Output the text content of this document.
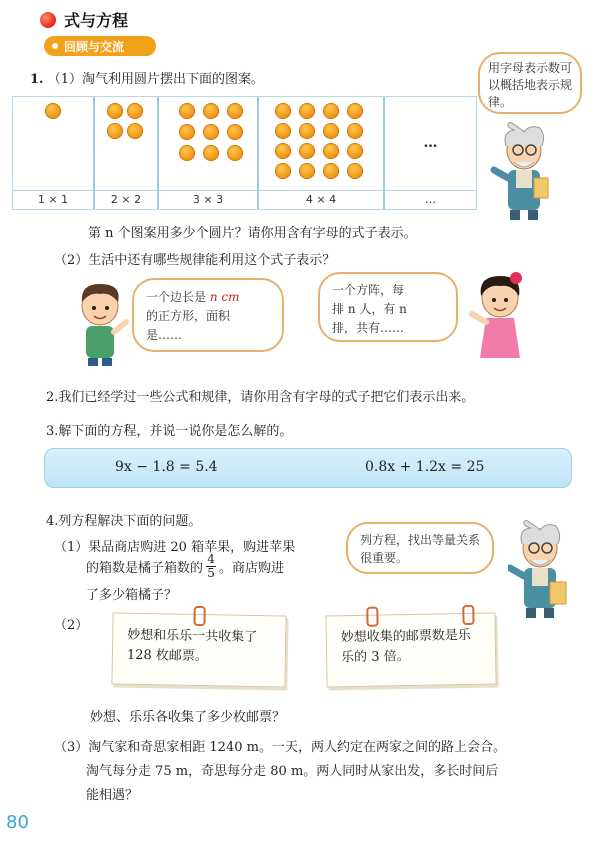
式与方程
回顾与交流
1. （1）淘气利用圆片摆出下面的图案。
1 × 1	2 × 2	3 × 3	4 × 4
…
…
用字母表示数可以概括地表示规律。
第 n 个图案用多少个圆片？请你用含有字母的式子表示。
（2）生活中还有哪些规律能利用这个式子表示？
一个边长是 n cm
的正方形，面积
是……
一个方阵，每
排 n 人，有 n
排，共有……
2.我们已经学过一些公式和规律，请你用含有字母的式子把它们表示出来。
3.解下面的方程，并说一说你是怎么解的。
9x − 1.8 = 5.4	0.8x + 1.2x = 25
4.列方程解决下面的问题。
（1）果品商店购进 20 箱苹果，购进苹果
的箱数是橘子箱数的 $\frac{4}{5}$ 。商店购进
了多少箱橘子？
列方程，找出等量关系很重要。
（2）
妙想和乐乐一共收集了 128 枚邮票。
妙想收集的邮票数是乐乐的 3 倍。
妙想、乐乐各收集了多少枚邮票？
（3）淘气家和奇思家相距 1240 m。一天，两人约定在两家之间的路上会合。
淘气每分走 75 m，奇思每分走 80 m。两人同时从家出发，多长时间后
能相遇？
80
